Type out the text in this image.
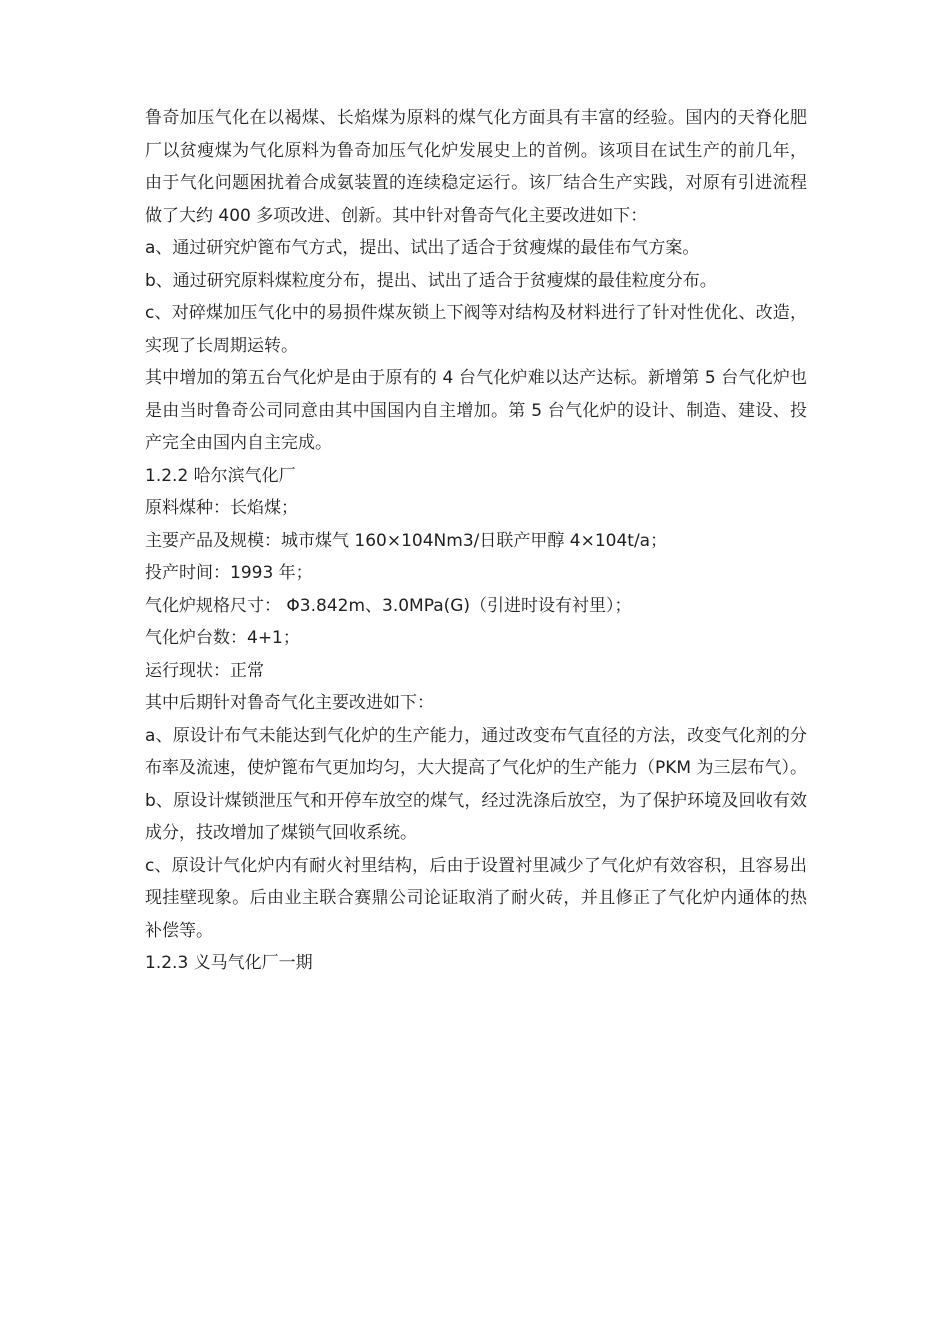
鲁奇加压气化在以褐煤、长焰煤为原料的煤气化方面具有丰富的经验。国内的天脊化肥厂以贫瘦煤为气化原料为鲁奇加压气化炉发展史上的首例。该项目在试生产的前几年，由于气化问题困扰着合成氨装置的连续稳定运行。该厂结合生产实践，对原有引进流程做了大约 400 多项改进、创新。其中针对鲁奇气化主要改进如下：

a、通过研究炉篦布气方式，提出、试出了适合于贫瘦煤的最佳布气方案。

b、通过研究原料煤粒度分布，提出、试出了适合于贫瘦煤的最佳粒度分布。

c、对碎煤加压气化中的易损件煤灰锁上下阀等对结构及材料进行了针对性优化、改造，实现了长周期运转。

其中增加的第五台气化炉是由于原有的 4 台气化炉难以达产达标。新增第 5 台气化炉也是由当时鲁奇公司同意由其中国国内自主增加。第 5 台气化炉的设计、制造、建设、投产完全由国内自主完成。

1.2.2 哈尔滨气化厂

原料煤种：长焰煤；

主要产品及规模：城市煤气 160×104Nm3/日联产甲醇 4×104t/a；

投产时间：1993 年；

气化炉规格尺寸： Φ3.842m、3.0MPa(G)（引进时设有衬里）；

气化炉台数：4+1；

运行现状：正常

其中后期针对鲁奇气化主要改进如下：

a、原设计布气未能达到气化炉的生产能力，通过改变布气直径的方法，改变气化剂的分布率及流速，使炉篦布气更加均匀，大大提高了气化炉的生产能力（PKM 为三层布气）。

b、原设计煤锁泄压气和开停车放空的煤气，经过洗涤后放空，为了保护环境及回收有效成分，技改增加了煤锁气回收系统。

c、原设计气化炉内有耐火衬里结构，后由于设置衬里减少了气化炉有效容积，且容易出现挂壁现象。后由业主联合赛鼎公司论证取消了耐火砖，并且修正了气化炉内通体的热补偿等。

1.2.3 义马气化厂一期
